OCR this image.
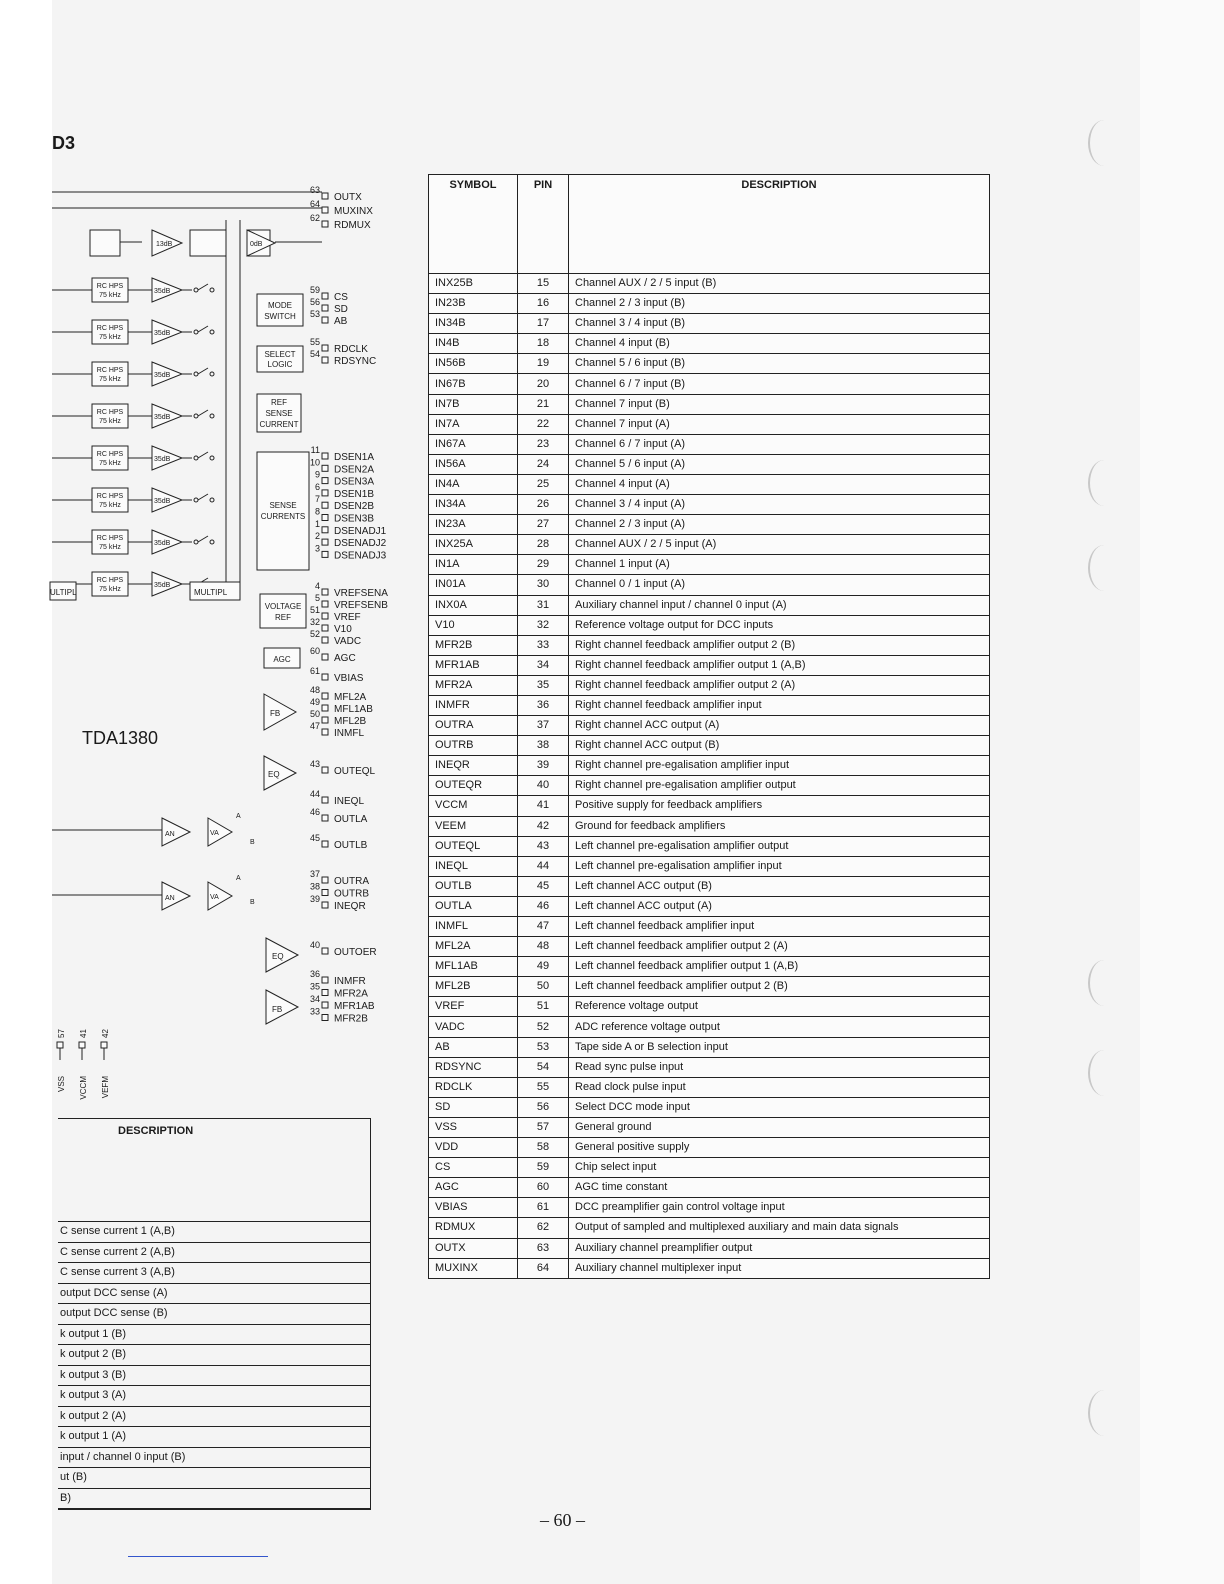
D3
TDA1380
63
OUTX
64
MUXINX
62
RDMUX
13dB	0dB
RC HPS
75 kHz
35dB
RC HPS
75 kHz
35dB
RC HPS
75 kHz
35dB
RC HPS
75 kHz
35dB
RC HPS
75 kHz
35dB
RC HPS
75 kHz
35dB
RC HPS
75 kHz
35dB
RC HPS
75 kHz
35dB
MULTIPL
ULTIPL
MODE
SWITCH
59
CS
56
SD
53
AB
SELECT
LOGIC
55
RDCLK
54
RDSYNC
REF
SENSE
CURRENT
SENSE
CURRENTS
11
DSEN1A
10
DSEN2A
9
DSEN3A
6
DSEN1B
7
DSEN2B
8
DSEN3B
1
DSENADJ1
2
DSENADJ2
3
DSENADJ3
VOLTAGE
REF
4
VREFSENA
5
VREFSENB
51
VREF
32
V10
52
VADC
AGC
60
AGC
61
VBIAS
FB
48
MFL2A
49
MFL1AB
50
MFL2B
47
INMFL
EQ
43
OUTEQL
44
INEQL
AN	VA
A
B
46
OUTLA
45
OUTLB
AN	VA
A
B
37
OUTRA
38
OUTRB
39
INEQR
EQ
40
OUTOER
FB
36
INMFR
35
MFR2A
34
MFR1AB
33
MFR2B
57
VSS
41
VCCM
42
VEFM
SYMBOL	PIN	DESCRIPTION
INX25B	15	Channel AUX / 2 / 5 input (B)
IN23B	16	Channel 2 / 3 input (B)
IN34B	17	Channel 3 / 4 input (B)
IN4B	18	Channel 4 input (B)
IN56B	19	Channel 5 / 6 input (B)
IN67B	20	Channel 6 / 7 input (B)
IN7B	21	Channel 7 input (B)
IN7A	22	Channel 7 input (A)
IN67A	23	Channel 6 / 7 input (A)
IN56A	24	Channel 5 / 6 input (A)
IN4A	25	Channel 4 input (A)
IN34A	26	Channel 3 / 4 input (A)
IN23A	27	Channel 2 / 3 input (A)
INX25A	28	Channel AUX / 2 / 5 input (A)
IN1A	29	Channel 1 input (A)
IN01A	30	Channel 0 / 1 input (A)
INX0A	31	Auxiliary channel input / channel 0 input (A)
V10	32	Reference voltage output for DCC inputs
MFR2B	33	Right channel feedback amplifier output 2 (B)
MFR1AB	34	Right channel feedback amplifier output 1 (A,B)
MFR2A	35	Right channel feedback amplifier output 2 (A)
INMFR	36	Right channel feedback amplifier input
OUTRA	37	Right channel ACC output (A)
OUTRB	38	Right channel ACC output (B)
INEQR	39	Right channel pre-egalisation amplifier input
OUTEQR	40	Right channel pre-egalisation amplifier output
VCCM	41	Positive supply for feedback amplifiers
VEEM	42	Ground for feedback amplifiers
OUTEQL	43	Left channel pre-egalisation amplifier output
INEQL	44	Left channel pre-egalisation amplifier input
OUTLB	45	Left channel ACC output (B)
OUTLA	46	Left channel ACC output (A)
INMFL	47	Left channel feedback amplifier input
MFL2A	48	Left channel feedback amplifier output 2 (A)
MFL1AB	49	Left channel feedback amplifier output 1 (A,B)
MFL2B	50	Left channel feedback amplifier output 2 (B)
VREF	51	Reference voltage output
VADC	52	ADC reference voltage output
AB	53	Tape side A or B selection input
RDSYNC	54	Read sync pulse input
RDCLK	55	Read clock pulse input
SD	56	Select DCC mode input
VSS	57	General ground
VDD	58	General positive supply
CS	59	Chip select input
AGC	60	AGC time constant
VBIAS	61	DCC preamplifier gain control voltage input
RDMUX	62	Output of sampled and multiplexed auxiliary and main data signals
OUTX	63	Auxiliary channel preamplifier output
MUXINX	64	Auxiliary channel multiplexer input
DESCRIPTION
C sense current 1 (A,B)
C sense current 2 (A,B)
C sense current 3 (A,B)
output DCC sense (A)
output DCC sense (B)
k output 1 (B)
k output 2 (B)
k output 3 (B)
k output 3 (A)
k output 2 (A)
k output 1 (A)
input / channel 0 input (B)
ut (B)
B)
– 60 –
